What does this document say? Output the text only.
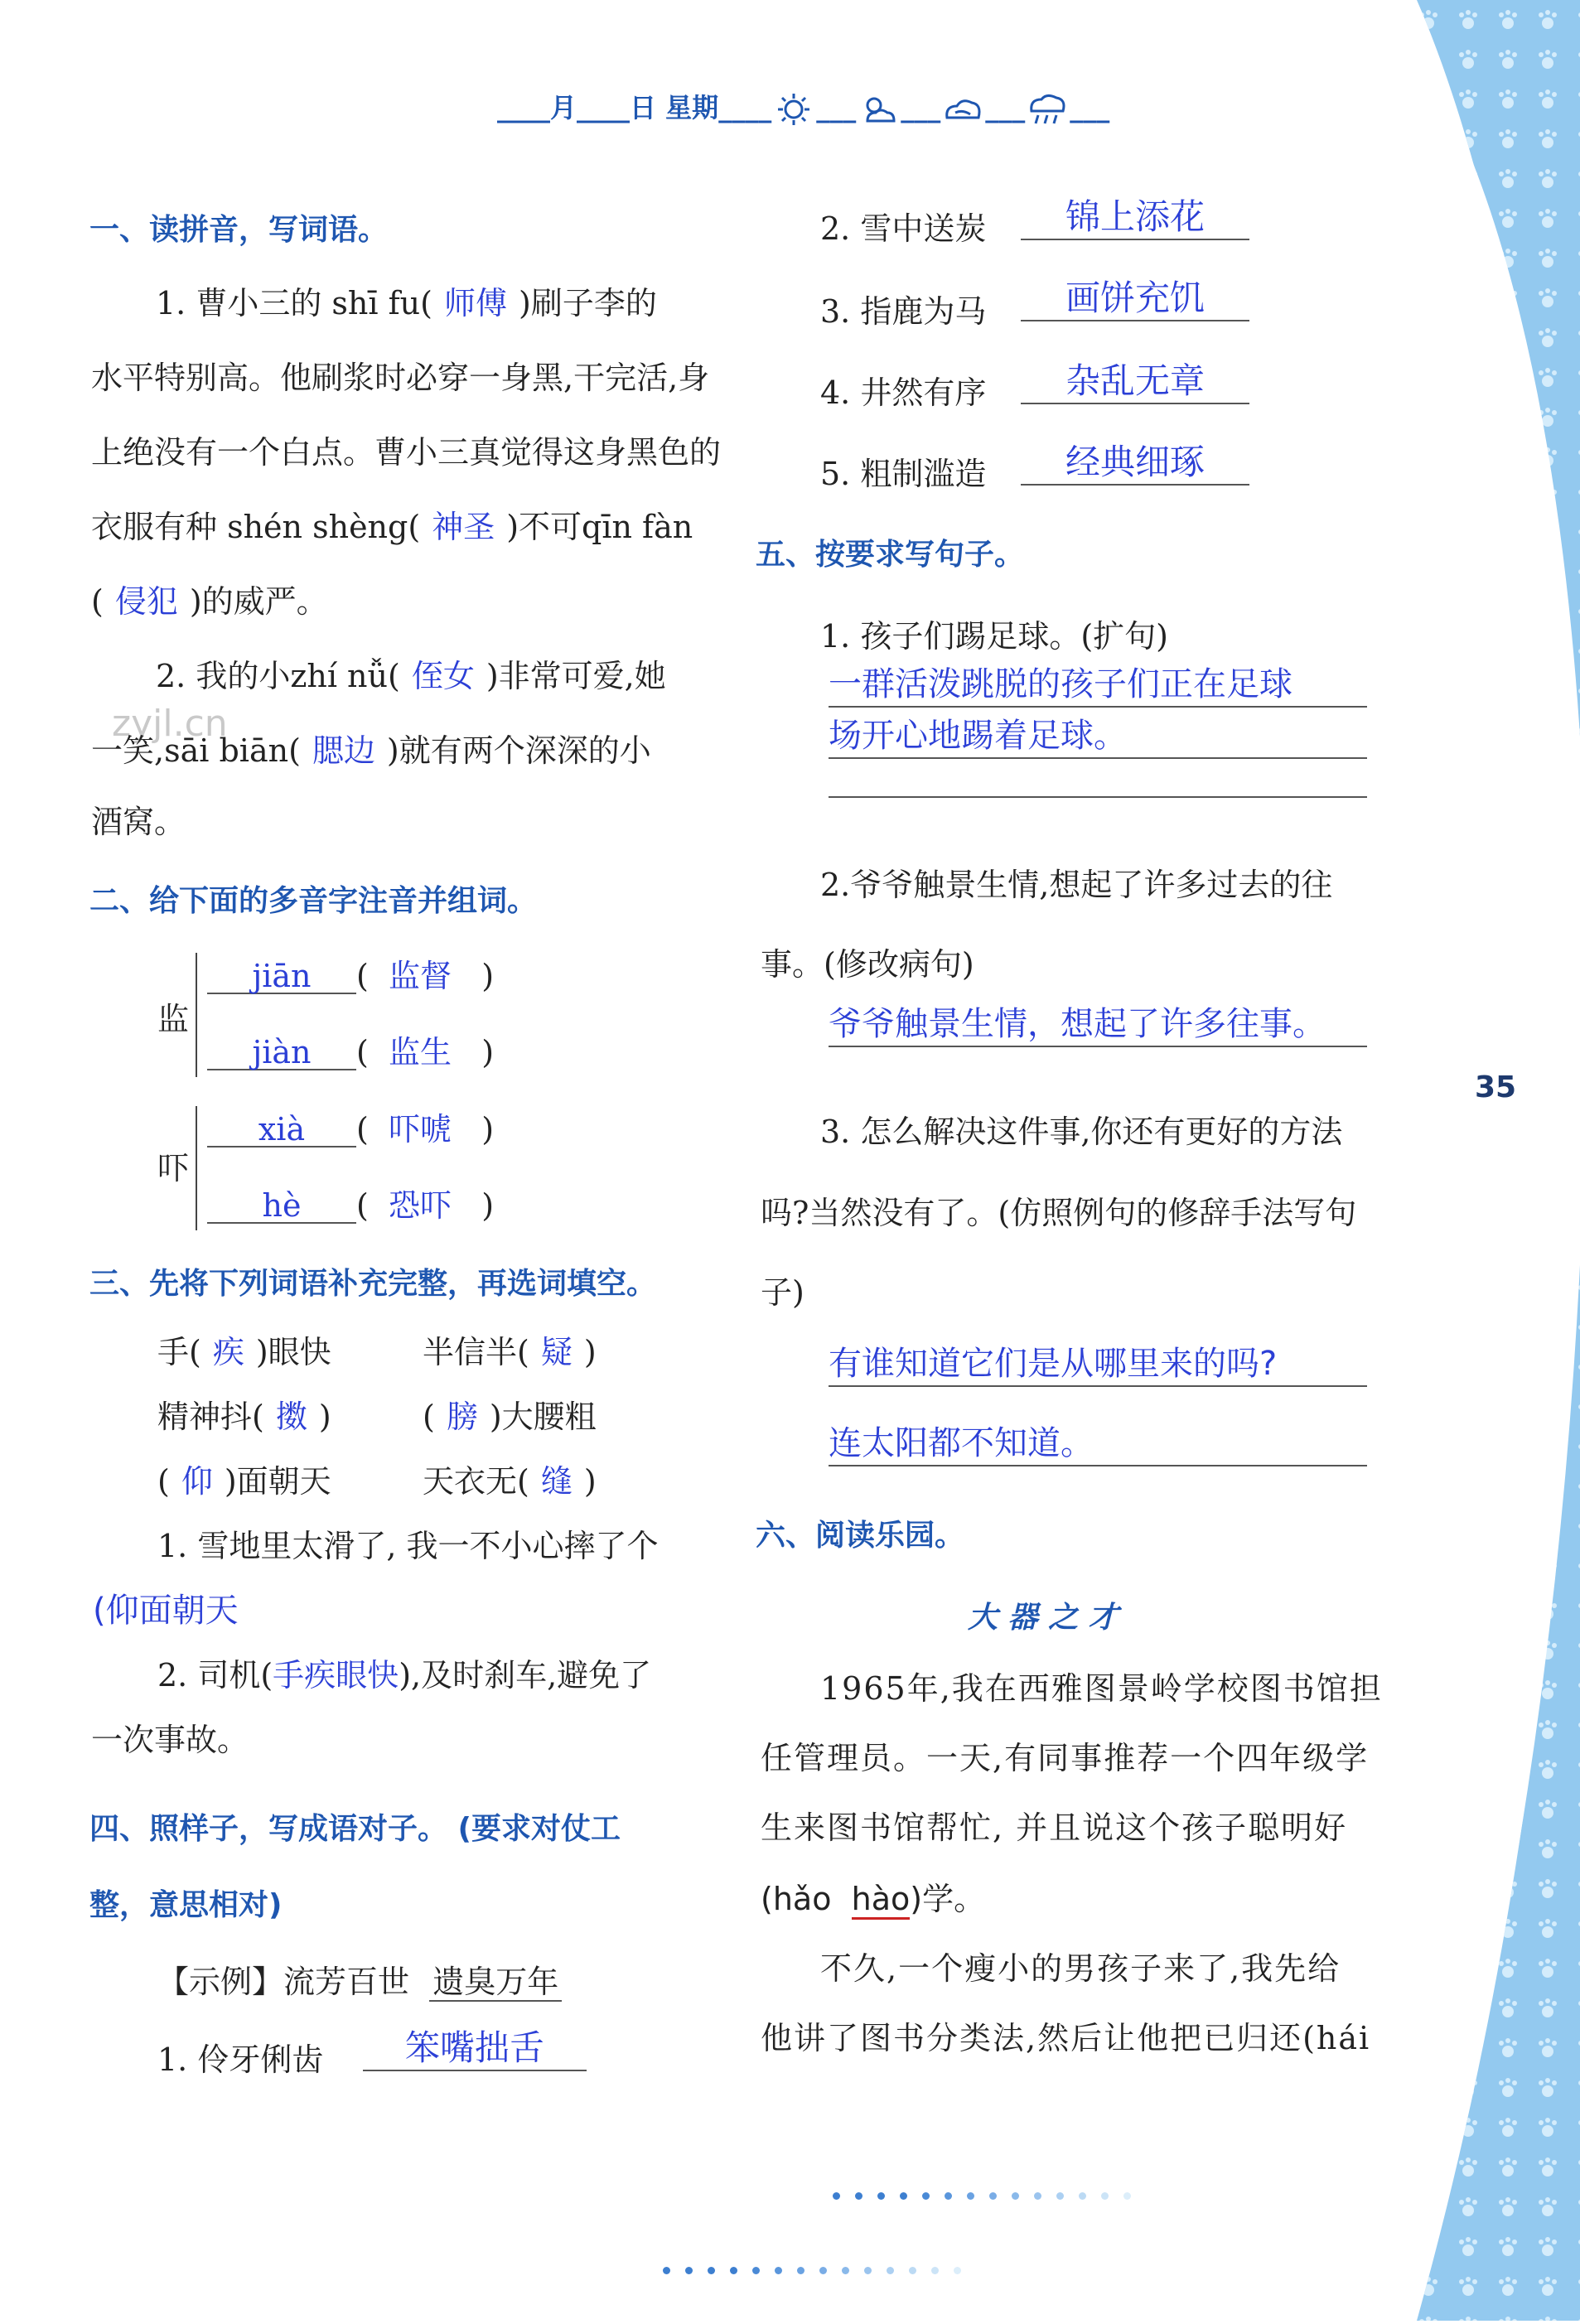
35
____月____日 星期____ ___ ___ ___ ___
zyjl.cn
一、读拼音，写词语。
1. 曹小三的 shī fu( 师傅 )刷子李的
水平特别高。他刷浆时必穿一身黑,干完活,身
上绝没有一个白点。曹小三真觉得这身黑色的
衣服有种 shén shèng( 神圣 )不可qīn fàn
( 侵犯 )的威严。
2. 我的小zhí nǚ( 侄女 )非常可爱,她
一笑,sāi biān( 腮边 )就有两个深深的小
酒窝。
二、给下面的多音字注音并组词。
监
jiān (  监督   )
jiàn (  监生   )
吓
xià (  吓唬   )
hè (  恐吓   )
三、先将下列词语补充完整，再选词填空。
手( 疾 )眼快	半信半( 疑 )
精神抖( 擞 )	( 膀 )大腰粗
( 仰 )面朝天	天衣无( 缝 )
1. 雪地里太滑了, 我一不小心摔了个
(仰面朝天
2. 司机(手疾眼快),及时刹车,避免了
一次事故。
四、照样子，写成语对子。 (要求对仗工
整，意思相对)
【示例】流芳百世 遗臭万年
1. 伶牙俐齿	笨嘴拙舌
2. 雪中送炭	锦上添花
3. 指鹿为马	画饼充饥
4. 井然有序	杂乱无章
5. 粗制滥造	经典细琢
五、按要求写句子。
1. 孩子们踢足球。(扩句)
一群活泼跳脱的孩子们正在足球
场开心地踢着足球。
2.爷爷触景生情,想起了许多过去的往
事。(修改病句)
爷爷触景生情，想起了许多往事。
3. 怎么解决这件事,你还有更好的方法
吗?当然没有了。(仿照例句的修辞手法写句
子)
有谁知道它们是从哪里来的吗?
连太阳都不知道。
六、阅读乐园。
大 器 之 才
1965年,我在西雅图景岭学校图书馆担
任管理员。一天,有同事推荐一个四年级学
生来图书馆帮忙, 并且说这个孩子聪明好
(hǎo hào)学。
不久,一个瘦小的男孩子来了,我先给
他讲了图书分类法,然后让他把已归还(hái
